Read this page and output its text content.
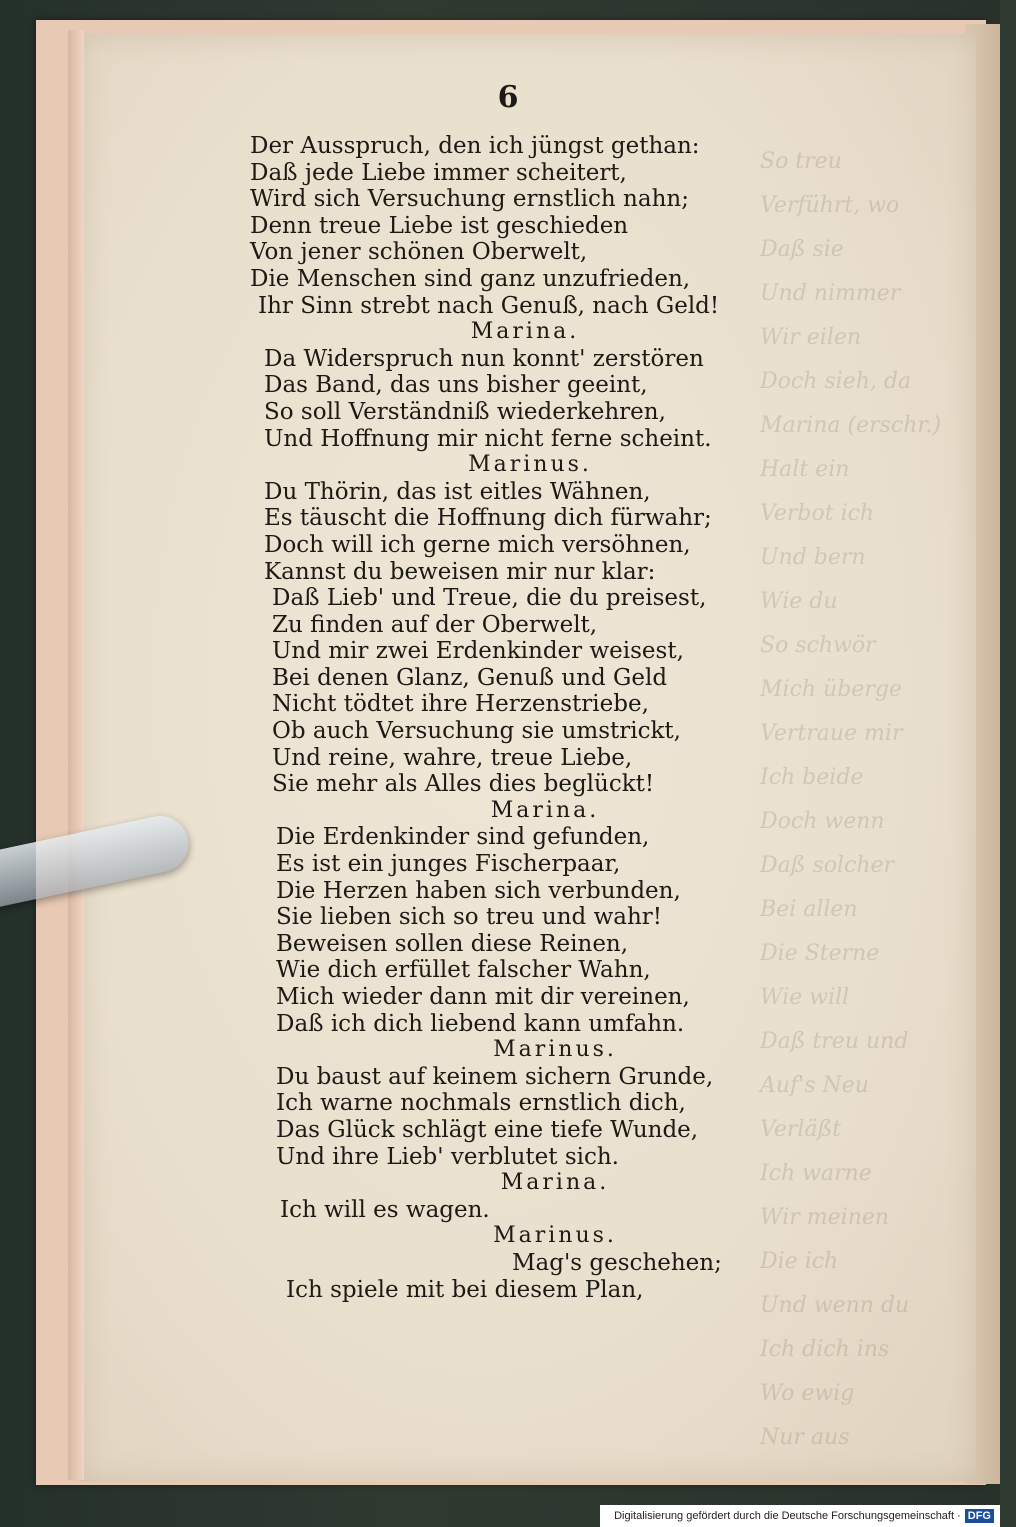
So treu
Verführt, wo
Daß sie
Und nimmer
Wir eilen
Doch sieh, da
Marina (erschr.)
Halt ein
Verbot ich
Und bern
Wie du
So schwör
Mich überge
Vertraue mir
Ich beide
Doch wenn
Daß solcher
Bei allen
Die Sterne
Wie will
Daß treu und
Auf's Neu
Verläßt
Ich warne
Wir meinen
Die ich
Und wenn du
Ich dich ins
Wo ewig
Nur aus
6
Der Ausspruch, den ich jüngst gethan:
Daß jede Liebe immer scheitert,
Wird sich Versuchung ernstlich nahn;
Denn treue Liebe ist geschieden
Von jener schönen Oberwelt,
Die Menschen sind ganz unzufrieden,
Ihr Sinn strebt nach Genuß, nach Geld!
Marina.
Da Widerspruch nun konnt' zerstören
Das Band, das uns bisher geeint,
So soll Verständniß wiederkehren,
Und Hoffnung mir nicht ferne scheint.
Marinus.
Du Thörin, das ist eitles Wähnen,
Es täuscht die Hoffnung dich fürwahr;
Doch will ich gerne mich versöhnen,
Kannst du beweisen mir nur klar:
Daß Lieb' und Treue, die du preisest,
Zu finden auf der Oberwelt,
Und mir zwei Erdenkinder weisest,
Bei denen Glanz, Genuß und Geld
Nicht tödtet ihre Herzenstriebe,
Ob auch Versuchung sie umstrickt,
Und reine, wahre, treue Liebe,
Sie mehr als Alles dies beglückt!
Marina.
Die Erdenkinder sind gefunden,
Es ist ein junges Fischerpaar,
Die Herzen haben sich verbunden,
Sie lieben sich so treu und wahr!
Beweisen sollen diese Reinen,
Wie dich erfüllet falscher Wahn,
Mich wieder dann mit dir vereinen,
Daß ich dich liebend kann umfahn.
Marinus.
Du baust auf keinem sichern Grunde,
Ich warne nochmals ernstlich dich,
Das Glück schlägt eine tiefe Wunde,
Und ihre Lieb' verblutet sich.
Marina.
Ich will es wagen.
Marinus.
Mag's geschehen;
Ich spiele mit bei diesem Plan,
Digitalisierung gefördert durch die Deutsche Forschungsgemeinschaft · DFG
